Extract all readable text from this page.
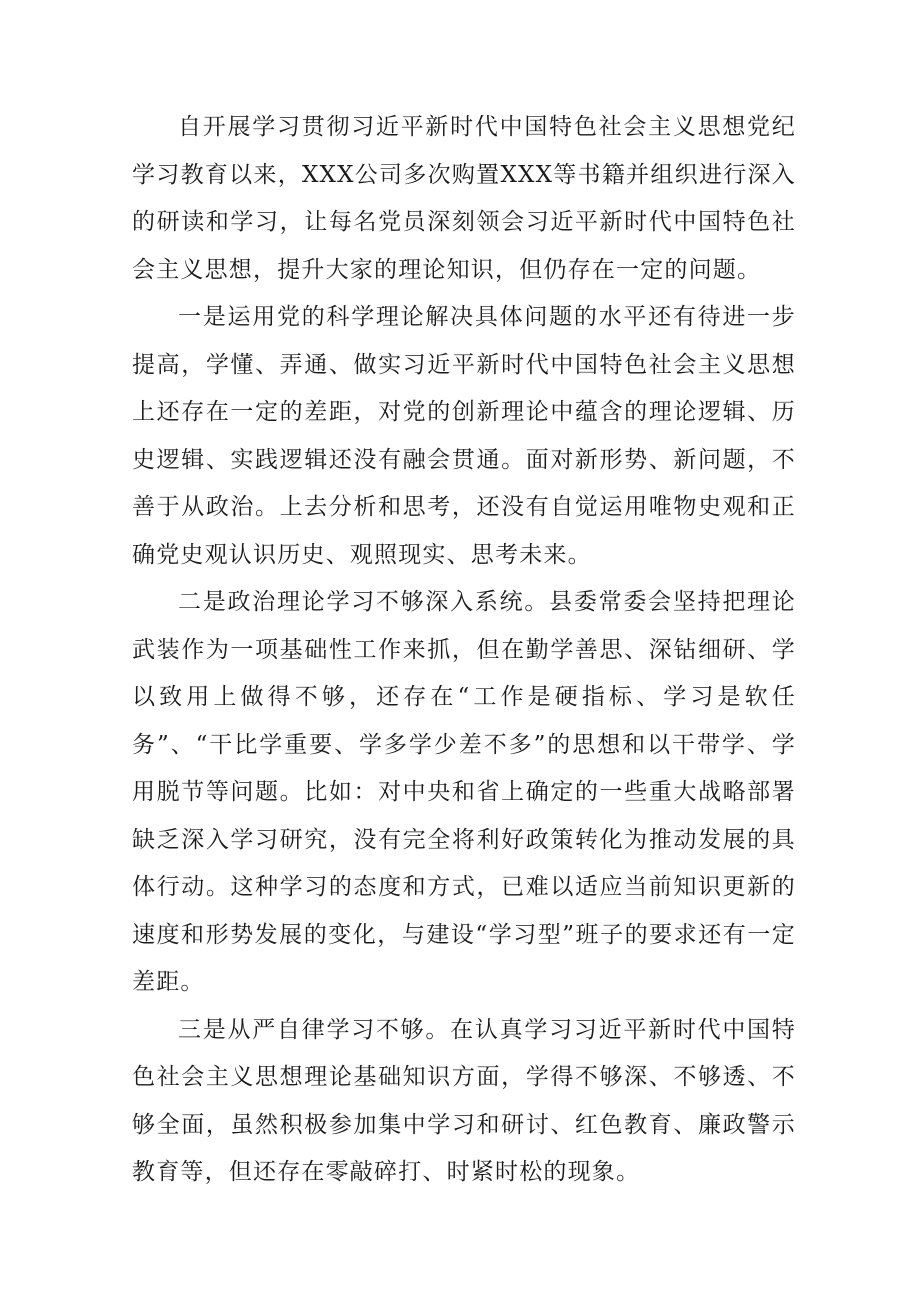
自开展学习贯彻习近平新时代中国特色社会主义思想党纪学习教育以来，XXX公司多次购置XXX等书籍并组织进行深入的研读和学习，让每名党员深刻领会习近平新时代中国特色社会主义思想，提升大家的理论知识，但仍存在一定的问题。

一是运用党的科学理论解决具体问题的水平还有待进一步提高，学懂、弄通、做实习近平新时代中国特色社会主义思想上还存在一定的差距，对党的创新理论中蕴含的理论逻辑、历史逻辑、实践逻辑还没有融会贯通。面对新形势、新问题，不善于从政治。上去分析和思考，还没有自觉运用唯物史观和正确党史观认识历史、观照现实、思考未来。

二是政治理论学习不够深入系统。县委常委会坚持把理论武装作为一项基础性工作来抓，但在勤学善思、深钻细研、学以致用上做得不够，还存在“工作是硬指标、学习是软任务”、“干比学重要、学多学少差不多”的思想和以干带学、学用脱节等问题。比如：对中央和省上确定的一些重大战略部署缺乏深入学习研究，没有完全将利好政策转化为推动发展的具体行动。这种学习的态度和方式，已难以适应当前知识更新的速度和形势发展的变化，与建设“学习型”班子的要求还有一定差距。

三是从严自律学习不够。在认真学习习近平新时代中国特色社会主义思想理论基础知识方面，学得不够深、不够透、不够全面，虽然积极参加集中学习和研讨、红色教育、廉政警示教育等，但还存在零敲碎打、时紧时松的现象。
